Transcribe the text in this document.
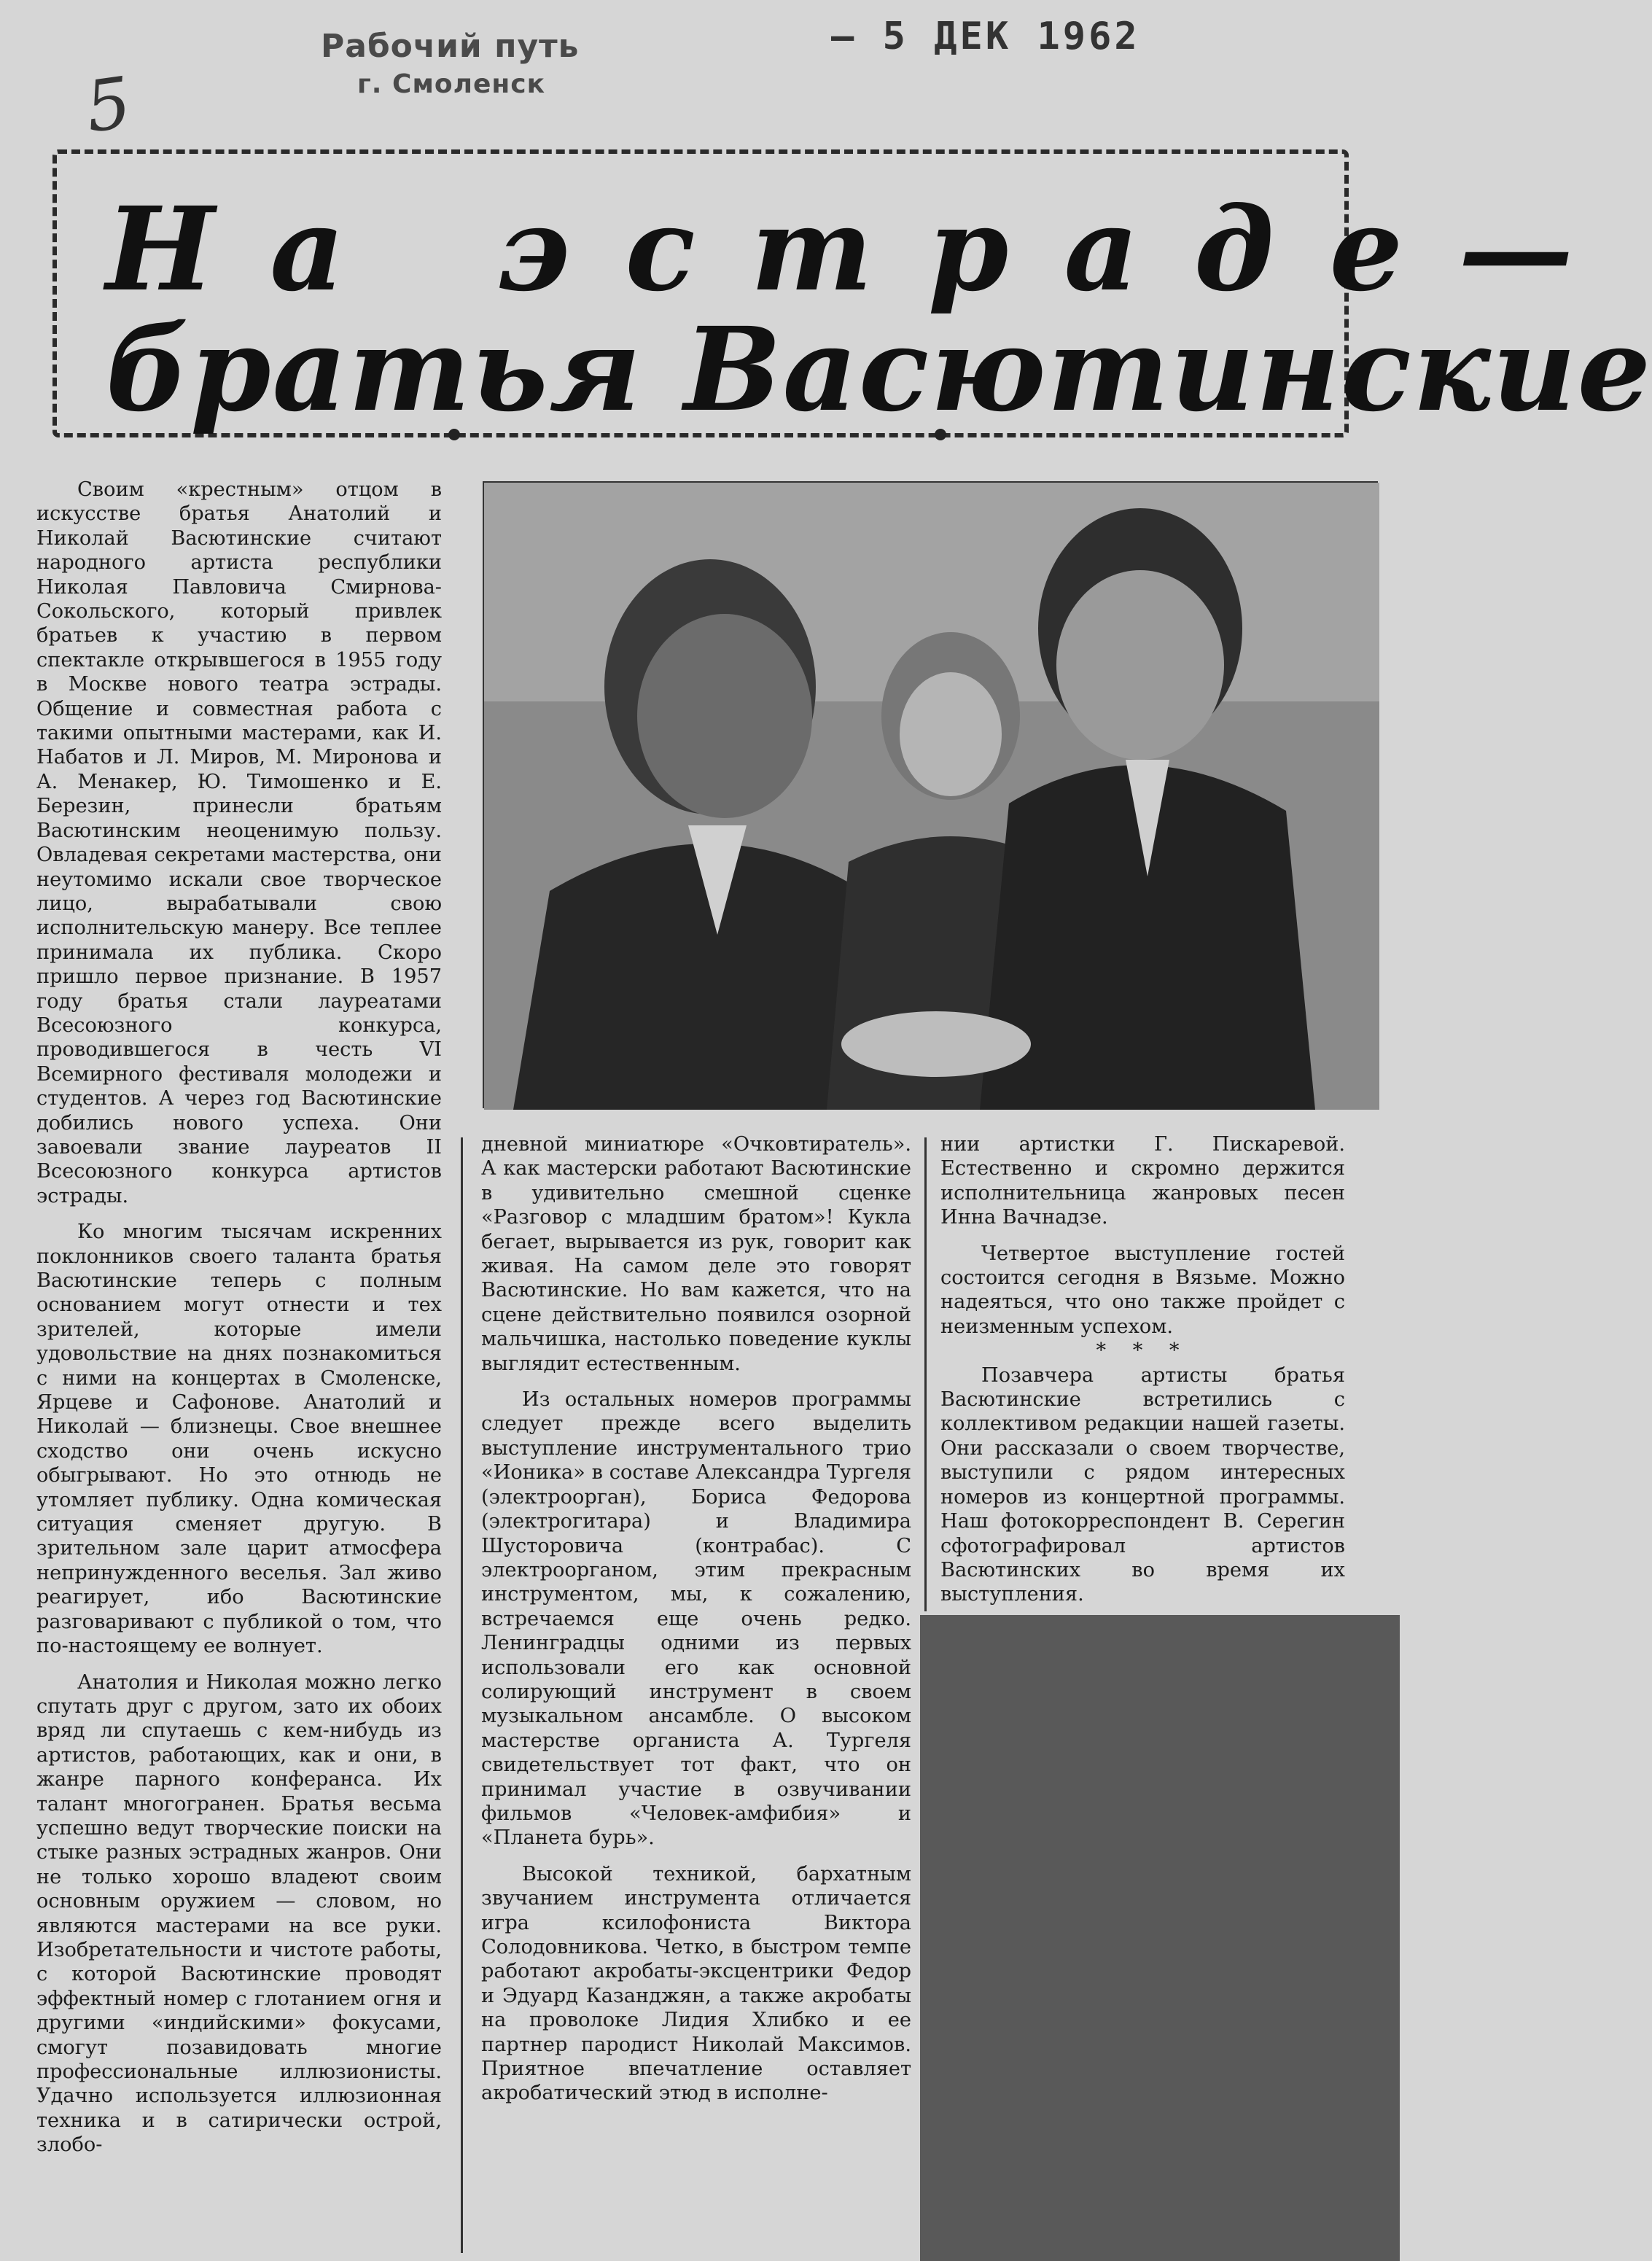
Рабочий путь
г. Смоленск
— 5 ДЕК 1962
5
На эстраде—
братья Васютинские

Своим «крестным» отцом в искусстве братья Анатолий и Николай Васютинские считают народного артиста республики Николая Павловича Смирнова-Сокольского, который привлек братьев к участию в первом спектакле открывшегося в 1955 году в Москве нового театра эстрады. Общение и совместная работа с такими опытными мастерами, как И. Набатов и Л. Миров, М. Миронова и А. Менакер, Ю. Тимошенко и Е. Березин, принесли братьям Васютинским неоценимую пользу. Овладевая секретами мастерства, они неутомимо искали свое творческое лицо, вырабатывали свою исполнительскую манеру. Все теплее принимала их публика. Скоро пришло первое признание. В 1957 году братья стали лауреатами Всесоюзного конкурса, проводившегося в честь VI Всемирного фестиваля молодежи и студентов. А через год Васютинские добились нового успеха. Они завоевали звание лауреатов II Всесоюзного конкурса артистов эстрады.

Ко многим тысячам искренних поклонников своего таланта братья Васютинские теперь с полным основанием могут отнести и тех зрителей, которые имели удовольствие на днях познакомиться с ними на концертах в Смоленске, Ярцеве и Сафонове. Анатолий и Николай — близнецы. Свое внешнее сходство они очень искусно обыгрывают. Но это отнюдь не утомляет публику. Одна комическая ситуация сменяет другую. В зрительном зале царит атмосфера непринужденного веселья. Зал живо реагирует, ибо Васютинские разговаривают с публикой о том, что по-настоящему ее волнует.

Анатолия и Николая можно легко спутать друг с другом, зато их обоих вряд ли спутаешь с кем-нибудь из артистов, работающих, как и они, в жанре парного конферанса. Их талант многогранен. Братья весьма успешно ведут творческие поиски на стыке разных эстрадных жанров. Они не только хорошо владеют своим основным оружием — словом, но являются мастерами на все руки. Изобретательности и чистоте работы, с которой Васютинские проводят эффектный номер с глотанием огня и другими «индийскими» фокусами, смогут позавидовать многие профессиональные иллюзионисты. Удачно используется иллюзионная техника и в сатирически острой, злобо-

дневной миниатюре «Очковтиратель». А как мастерски работают Васютинские в удивительно смешной сценке «Разговор с младшим братом»! Кукла бегает, вырывается из рук, говорит как живая. На самом деле это говорят Васютинские. Но вам кажется, что на сцене действительно появился озорной мальчишка, настолько поведение куклы выглядит естественным.

Из остальных номеров программы следует прежде всего выделить выступление инструментального трио «Ионика» в составе Александра Тургеля (электроорган), Бориса Федорова (электрогитара) и Владимира Шусторовича (контрабас). С электроорганом, этим прекрасным инструментом, мы, к сожалению, встречаемся еще очень редко. Ленинградцы одними из первых использовали его как основной солирующий инструмент в своем музыкальном ансамбле. О высоком мастерстве органиста А. Тургеля свидетельствует тот факт, что он принимал участие в озвучивании фильмов «Человек-амфибия» и «Планета бурь».

Высокой техникой, бархатным звучанием инструмента отличается игра ксилофониста Виктора Солодовникова. Четко, в быстром темпе работают акробаты-эксцентрики Федор и Эдуард Казанджян, а также акробаты на проволоке Лидия Хлибко и ее партнер пародист Николай Максимов. Приятное впечатление оставляет акробатический этюд в исполне-

нии артистки Г. Пискаревой. Естественно и скромно держится исполнительница жанровых песен Инна Вачнадзе.

Четвертое выступление гостей состоится сегодня в Вязьме. Можно надеяться, что оно также пройдет с неизменным успехом.

* * *

Позавчера артисты братья Васютинские встретились с коллективом редакции нашей газеты. Они рассказали о своем творчестве, выступили с рядом интересных номеров из концертной программы. Наш фотокорреспондент В. Серегин сфотографировал артистов Васютинских во время их выступления.
